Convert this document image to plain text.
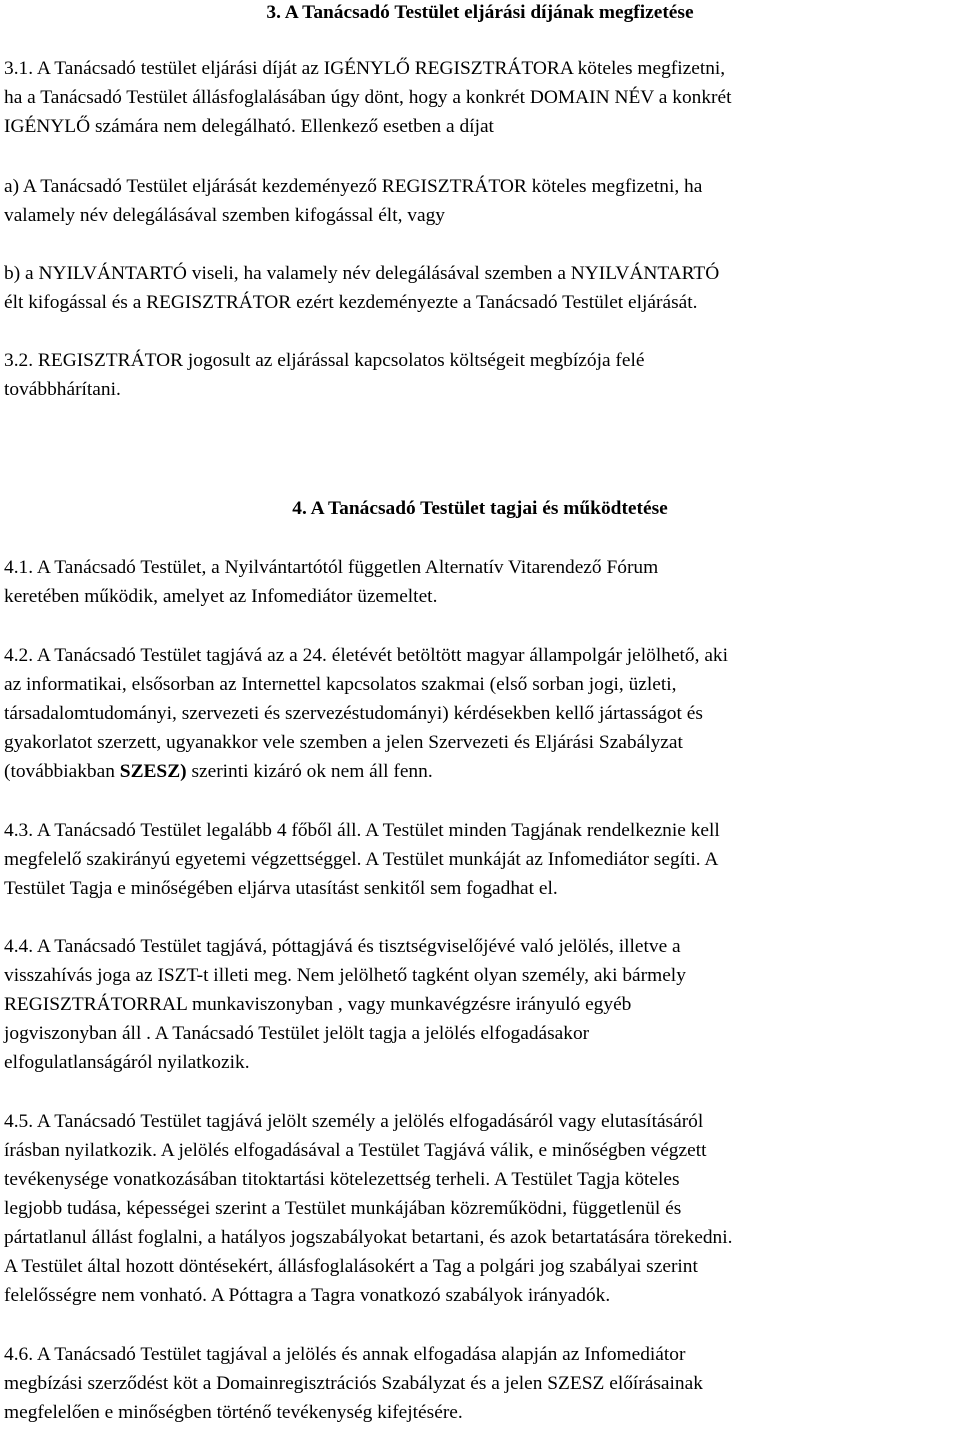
3. A Tanácsadó Testület eljárási díjának megfizetése

3.1. A Tanácsadó testület eljárási díját az IGÉNYLŐ REGISZTRÁTORA köteles megfizetni,
ha a Tanácsadó Testület állásfoglalásában úgy dönt, hogy a konkrét DOMAIN NÉV a konkrét
IGÉNYLŐ számára nem delegálható. Ellenkező esetben a díjat
a) A Tanácsadó Testület eljárását kezdeményező REGISZTRÁTOR köteles megfizetni, ha
valamely név delegálásával szemben kifogással élt, vagy
b) a NYILVÁNTARTÓ viseli, ha valamely név delegálásával szemben a NYILVÁNTARTÓ
élt kifogással és a REGISZTRÁTOR ezért kezdeményezte a Tanácsadó Testület eljárását.
3.2. REGISZTRÁTOR jogosult az eljárással kapcsolatos költségeit megbízója felé
továbbhárítani.

4. A Tanácsadó Testület tagjai és működtetése

4.1. A Tanácsadó Testület, a Nyilvántartótól független Alternatív Vitarendező Fórum
keretében működik, amelyet az Infomediátor üzemeltet.
4.2. A Tanácsadó Testület tagjává az a 24. életévét betöltött magyar állampolgár jelölhető, aki
az informatikai, elsősorban az Internettel kapcsolatos szakmai (első sorban jogi, üzleti,
társadalomtudományi, szervezeti és szervezéstudományi) kérdésekben kellő jártasságot és
gyakorlatot szerzett, ugyanakkor vele szemben a jelen Szervezeti és Eljárási Szabályzat
(továbbiakban SZESZ) szerinti kizáró ok nem áll fenn.
4.3. A Tanácsadó Testület legalább 4 főből áll. A Testület minden Tagjának rendelkeznie kell
megfelelő szakirányú egyetemi végzettséggel. A Testület munkáját az Infomediátor segíti. A
Testület Tagja e minőségében eljárva utasítást senkitől sem fogadhat el.
4.4. A Tanácsadó Testület tagjává, póttagjává és tisztségviselőjévé való jelölés, illetve a
visszahívás joga az ISZT-t illeti meg. Nem jelölhető tagként olyan személy, aki bármely
REGISZTRÁTORRAL munkaviszonyban , vagy munkavégzésre irányuló egyéb
jogviszonyban áll . A Tanácsadó Testület jelölt tagja a jelölés elfogadásakor
elfogulatlanságáról nyilatkozik.
4.5. A Tanácsadó Testület tagjává jelölt személy a jelölés elfogadásáról vagy elutasításáról
írásban nyilatkozik. A jelölés elfogadásával a Testület Tagjává válik, e minőségben végzett
tevékenysége vonatkozásában titoktartási kötelezettség terheli. A Testület Tagja köteles
legjobb tudása, képességei szerint a Testület munkájában közreműködni, függetlenül és
pártatlanul állást foglalni, a hatályos jogszabályokat betartani, és azok betartatására törekedni.
A Testület által hozott döntésekért, állásfoglalásokért a Tag a polgári jog szabályai szerint
felelősségre nem vonható. A Póttagra a Tagra vonatkozó szabályok irányadók.
4.6. A Tanácsadó Testület tagjával a jelölés és annak elfogadása alapján az Infomediátor
megbízási szerződést köt a Domainregisztrációs Szabályzat és a jelen SZESZ előírásainak
megfelelően e minőségben történő tevékenység kifejtésére.
